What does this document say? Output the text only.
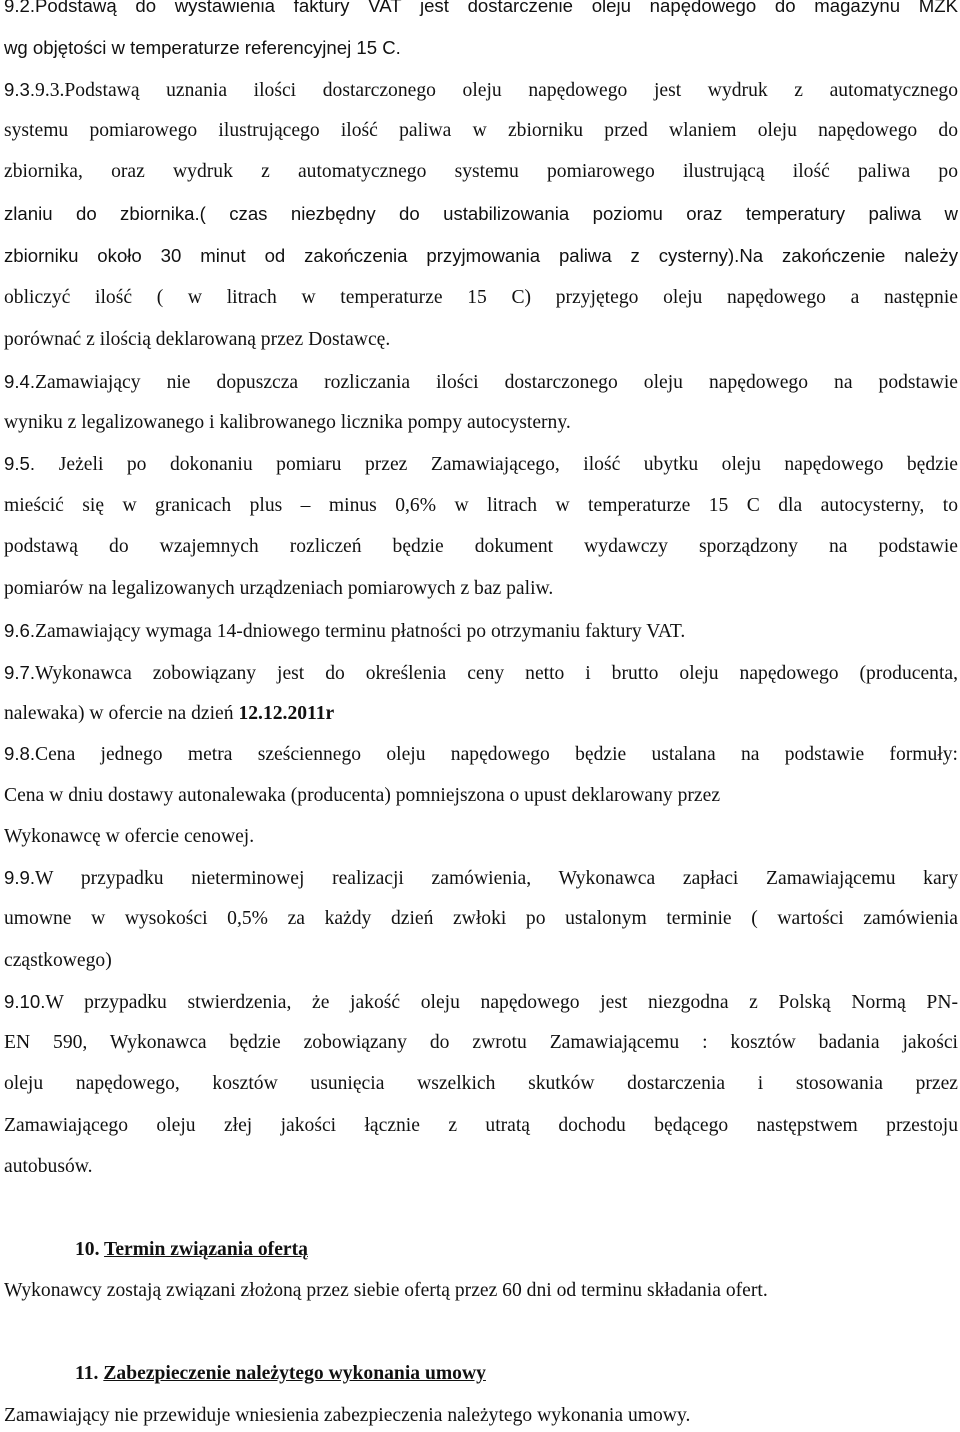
9.2.Podstawą do wystawienia faktury VAT jest dostarczenie oleju napędowego do magazynu MZK
wg objętości w temperaturze referencyjnej 15 C.
9.3.9.3.Podstawą uznania ilości dostarczonego oleju napędowego jest wydruk z automatycznego
systemu pomiarowego ilustrującego ilość paliwa w zbiorniku przed wlaniem oleju napędowego do
zbiornika, oraz wydruk z automatycznego systemu pomiarowego ilustrującą ilość paliwa po
zlaniu do zbiornika.( czas niezbędny do ustabilizowania poziomu oraz temperatury paliwa w
zbiorniku około 30 minut od zakończenia przyjmowania paliwa z cysterny).Na zakończenie należy
obliczyć ilość ( w litrach w temperaturze 15 C) przyjętego oleju napędowego a następnie
porównać z ilością deklarowaną przez Dostawcę.
9.4.Zamawiający nie dopuszcza rozliczania ilości dostarczonego oleju napędowego na podstawie
wyniku z legalizowanego i kalibrowanego licznika pompy autocysterny.
9.5. Jeżeli po dokonaniu pomiaru przez Zamawiającego, ilość ubytku oleju napędowego będzie
mieścić się w granicach plus – minus 0,6% w litrach w temperaturze 15 C dla autocysterny, to
podstawą do wzajemnych rozliczeń będzie dokument wydawczy sporządzony na podstawie
pomiarów na legalizowanych urządzeniach pomiarowych z baz paliw.
9.6.Zamawiający wymaga 14-dniowego terminu płatności po otrzymaniu faktury VAT.
9.7.Wykonawca zobowiązany jest do określenia ceny netto i brutto oleju napędowego (producenta,
nalewaka) w ofercie na dzień 12.12.2011r
9.8.Cena jednego metra sześciennego oleju napędowego będzie ustalana na podstawie formuły:
Cena w dniu dostawy autonalewaka (producenta) pomniejszona o upust deklarowany przez
Wykonawcę w ofercie cenowej.
9.9.W przypadku nieterminowej realizacji zamówienia, Wykonawca zapłaci Zamawiającemu kary
umowne w wysokości 0,5% za każdy dzień zwłoki po ustalonym terminie ( wartości zamówienia
cząstkowego)
9.10.W przypadku stwierdzenia, że jakość oleju napędowego jest niezgodna z Polską Normą PN-
EN 590, Wykonawca będzie zobowiązany do zwrotu Zamawiającemu : kosztów badania jakości
oleju napędowego, kosztów usunięcia wszelkich skutków dostarczenia i stosowania przez
Zamawiającego oleju złej jakości łącznie z utratą dochodu będącego następstwem przestoju
autobusów.
10. Termin związania ofertą
Wykonawcy zostają związani złożoną przez siebie ofertą przez 60 dni od terminu składania ofert.
11. Zabezpieczenie należytego wykonania umowy
Zamawiający nie przewiduje wniesienia zabezpieczenia należytego wykonania umowy.
